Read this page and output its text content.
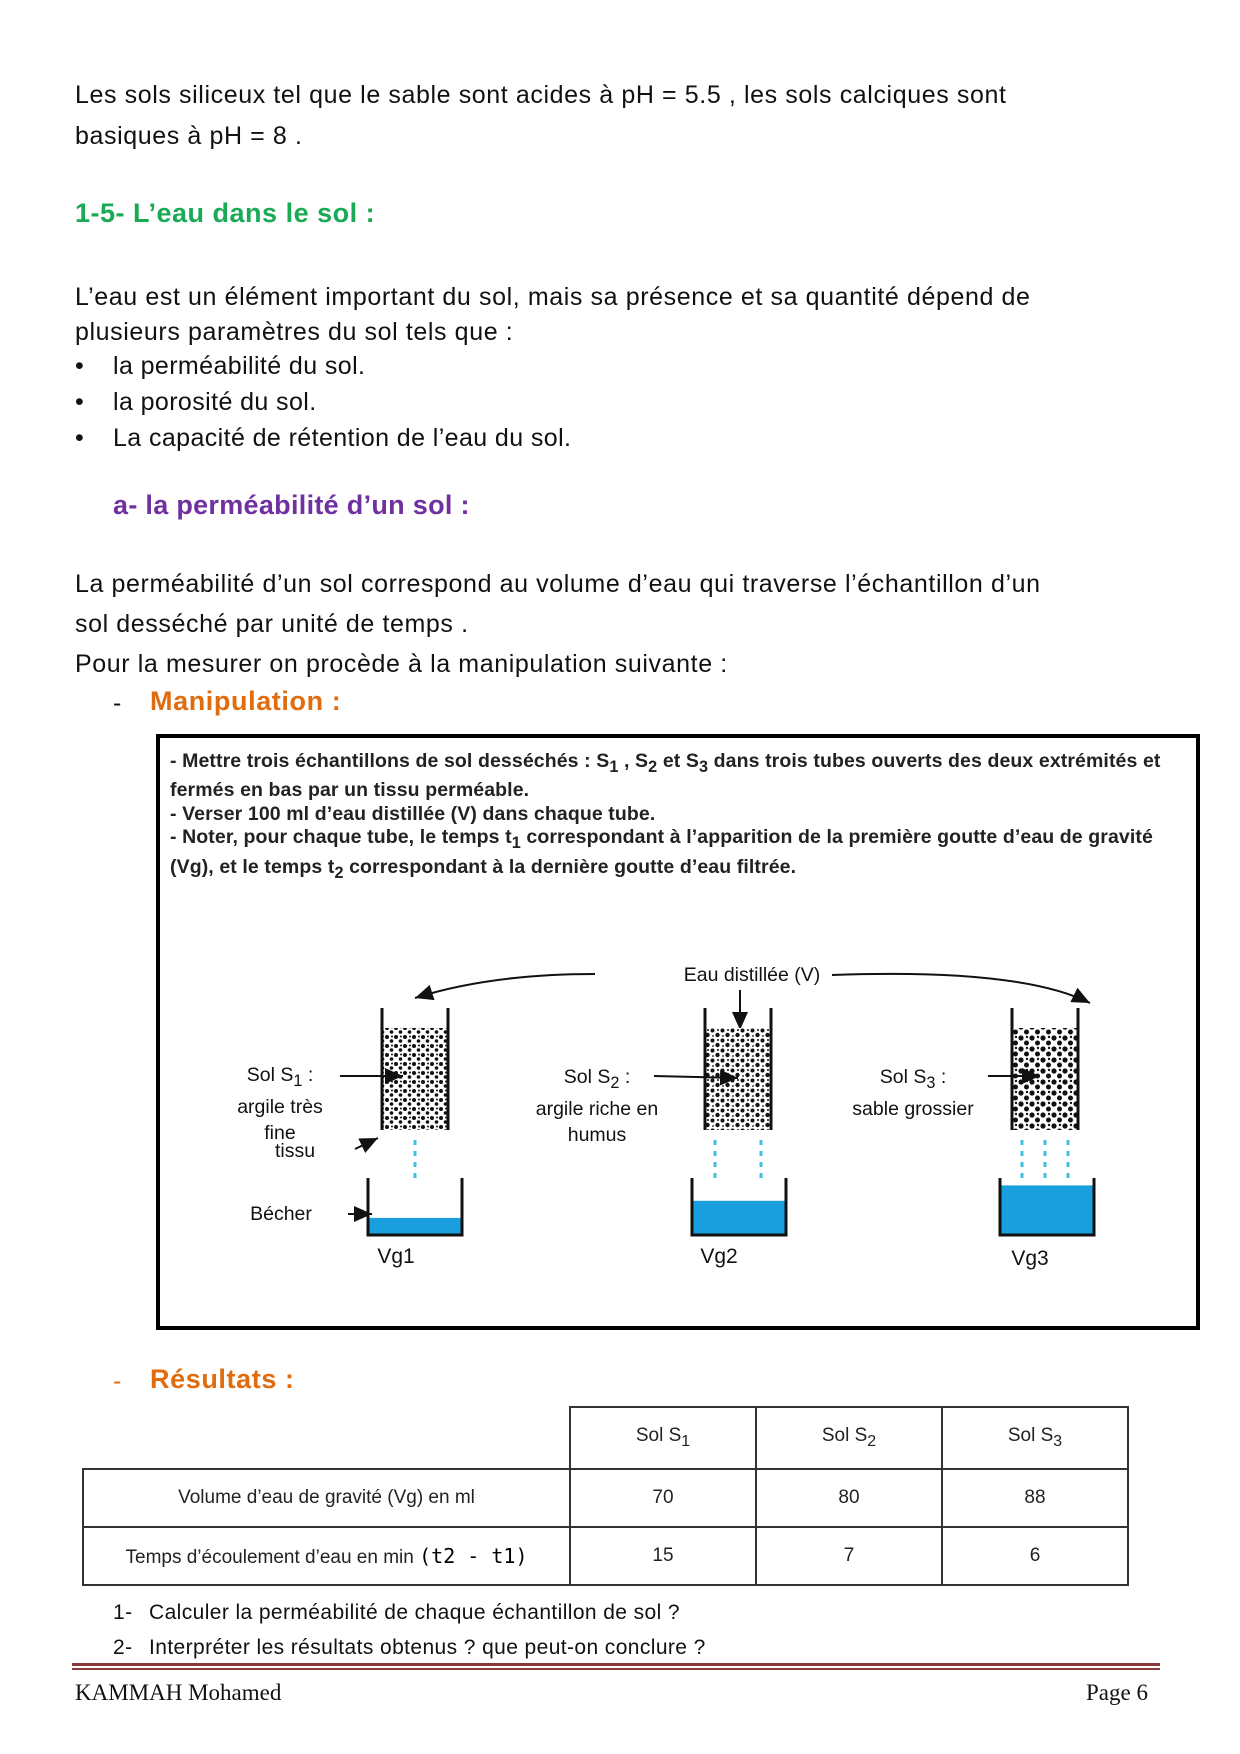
Les sols siliceux tel que le sable sont acides à pH = 5.5 , les sols calciques sont
basiques à pH = 8 .
1-5- L’eau dans le sol :
L’eau est un élément important du sol, mais sa présence et sa quantité dépend de
plusieurs paramètres du sol tels que :
• la perméabilité du sol.
• la porosité du sol.
• La capacité de rétention de l’eau du sol.
a- la perméabilité d’un sol :
La perméabilité d’un sol correspond au volume d’eau qui traverse l’échantillon d’un
sol desséché par unité de temps .
Pour la mesurer on procède à la manipulation suivante :
- Manipulation :
- Mettre trois échantillons de sol desséchés : $S_1$ , $S_2$ et $S_3$ dans trois tubes ouverts des deux extrémités et fermés en bas par un tissu perméable.
- Verser 100 ml d’eau distillée (V) dans chaque tube.
- Noter, pour chaque tube, le temps $t_1$ correspondant à l’apparition de la première goutte d’eau de gravité (Vg), et le temps $t_2$ correspondant à la dernière goutte d’eau filtrée.
Eau distillée (V)
Sol $S_1$ :
argile très
fine
Sol $S_2$ :
argile riche en
humus
Sol $S_3$ :
sable grossier
tissu
Bécher
Vg1	Vg2	Vg3
- Résultats :
	Sol $S_1$	Sol $S_2$	Sol $S_3$
Volume d’eau de gravité (Vg) en ml	70	80	88
Temps d’écoulement d’eau en min (t2 - t1)	15	7	6
1- Calculer la perméabilité de chaque échantillon de sol ?
2- Interpréter les résultats obtenus ? que peut-on conclure ?
KAMMAH Mohamed	Page 6
